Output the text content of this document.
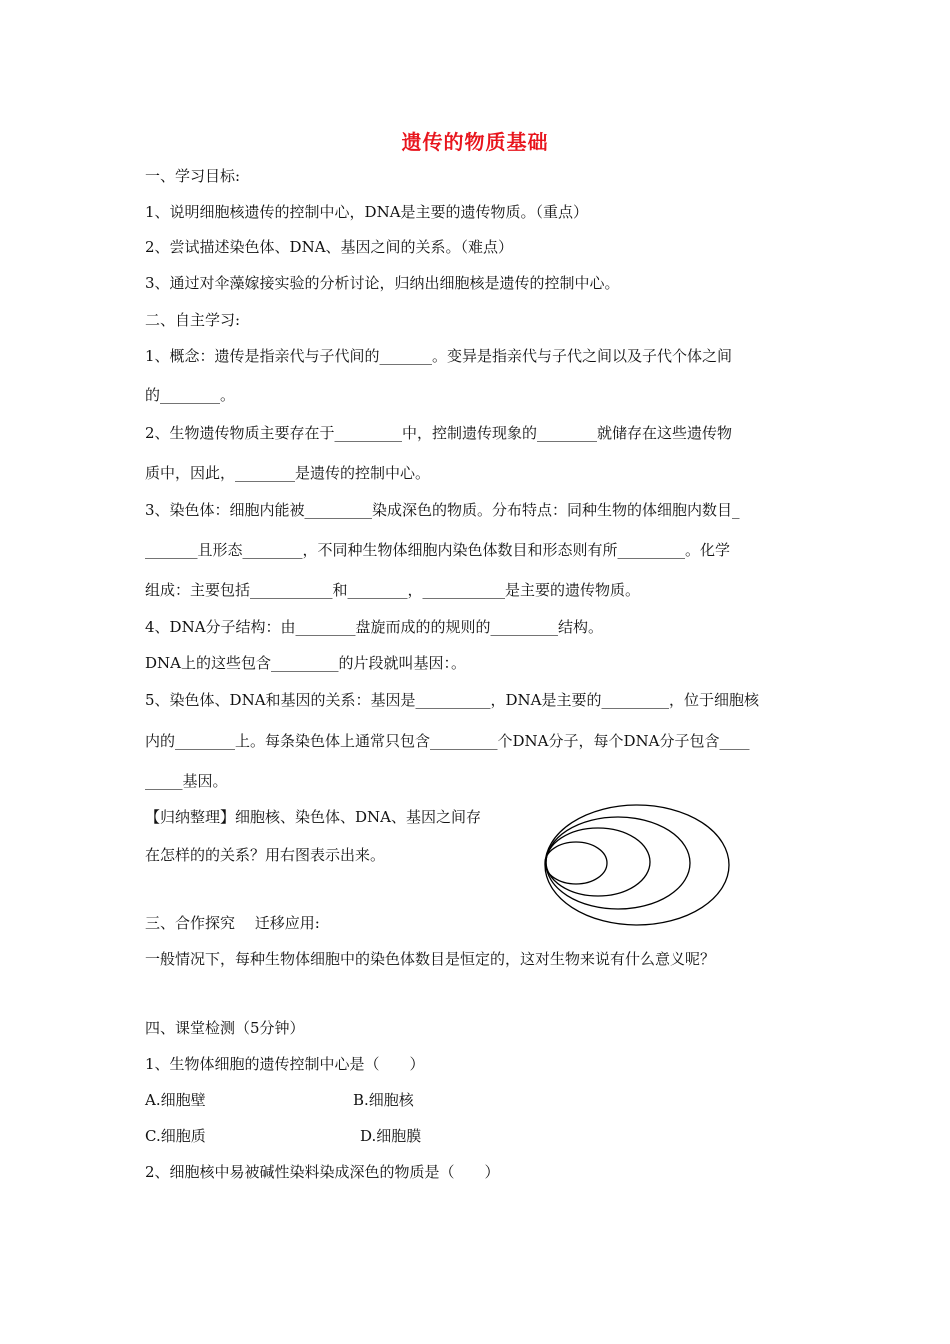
遗传的物质基础
一、学习目标:
1、说明细胞核遗传的控制中心，DNA是主要的遗传物质。（重点）
2、尝试描述染色体、DNA、基因之间的关系。（难点）
3、通过对伞藻嫁接实验的分析讨论，归纳出细胞核是遗传的控制中心。
二、自主学习:
1、概念：遗传是指亲代与子代间的_______。变异是指亲代与子代之间以及子代个体之间
的________。
2、生物遗传物质主要存在于_________中，控制遗传现象的________就储存在这些遗传物
质中，因此，________是遗传的控制中心。
3、染色体：细胞内能被_________染成深色的物质。分布特点：同种生物的体细胞内数目_
_______且形态________，不同种生物体细胞内染色体数目和形态则有所_________。化学
组成：主要包括___________和________，___________是主要的遗传物质。
4、DNA分子结构：由________盘旋而成的的规则的_________结构。
DNA上的这些包含_________的片段就叫基因：。
5、染色体、DNA和基因的关系：基因是__________，DNA是主要的_________，位于细胞核
内的________上。每条染色体上通常只包含_________个DNA分子，每个DNA分子包含____
_____基因。
【归纳整理】细胞核、染色体、DNA、基因之间存
在怎样的的关系？用右图表示出来。
三、合作探究　 迁移应用:
一般情况下，每种生物体细胞中的染色体数目是恒定的，这对生物来说有什么意义呢？
四、课堂检测（5分钟）
1、生物体细胞的遗传控制中心是（　　）
A.细胞壁	B.细胞核
C.细胞质	D.细胞膜
2、细胞核中易被碱性染料染成深色的物质是（　　）
